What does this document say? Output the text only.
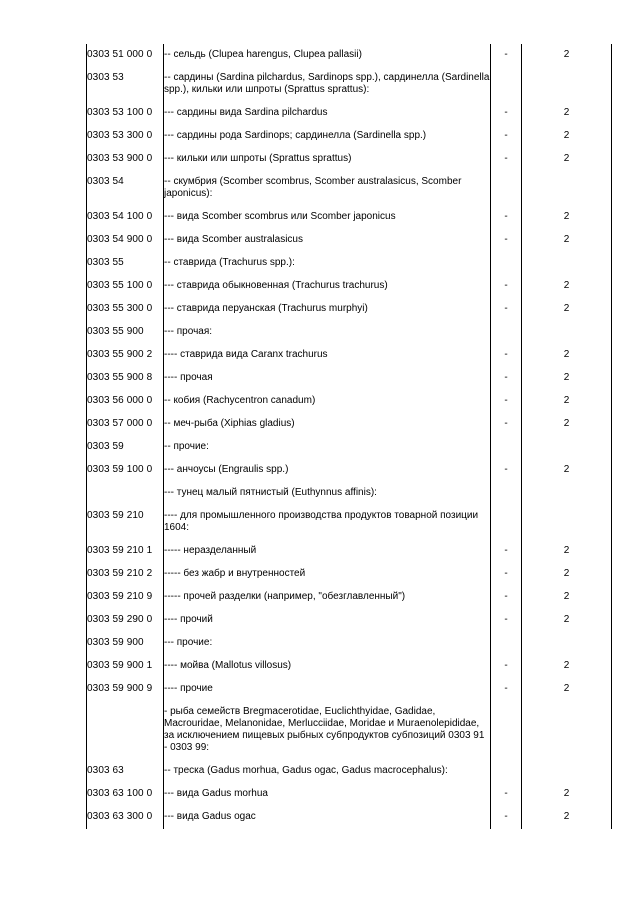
0303 51 000 0	-- сельдь (Clupea harengus, Clupea pallasii)	-	2
0303 53	-- сардины (Sardina pilchardus, Sardinops spp.), сардинелла (Sardinella spp.), кильки или шпроты (Sprattus sprattus):		
0303 53 100 0	--- сардины вида Sardina pilchardus	-	2
0303 53 300 0	--- сардины рода Sardinops; сардинелла (Sardinella spp.)	-	2
0303 53 900 0	--- кильки или шпроты (Sprattus sprattus)	-	2
0303 54	-- скумбрия (Scomber scombrus, Scomber australasicus, Scomber japonicus):		
0303 54 100 0	--- вида Scomber scombrus или Scomber japonicus	-	2
0303 54 900 0	--- вида Scomber australasicus	-	2
0303 55	-- ставрида (Trachurus spp.):		
0303 55 100 0	--- ставрида обыкновенная (Trachurus trachurus)	-	2
0303 55 300 0	--- ставрида перуанская (Trachurus murphyi)	-	2
0303 55 900	--- прочая:		
0303 55 900 2	---- ставрида вида Caranx trachurus	-	2
0303 55 900 8	---- прочая	-	2
0303 56 000 0	-- кобия (Rachycentron canadum)	-	2
0303 57 000 0	-- меч-рыба (Xiphias gladius)	-	2
0303 59	-- прочие:		
0303 59 100 0	--- анчоусы (Engraulis spp.)	-	2
	--- тунец малый пятнистый (Euthynnus affinis):		
0303 59 210	---- для промышленного производства продуктов товарной позиции 1604:		
0303 59 210 1	----- неразделанный	-	2
0303 59 210 2	----- без жабр и внутренностей	-	2
0303 59 210 9	----- прочей разделки (например, "обезглавленный")	-	2
0303 59 290 0	---- прочий	-	2
0303 59 900	--- прочие:		
0303 59 900 1	---- мойва (Mallotus villosus)	-	2
0303 59 900 9	---- прочие	-	2
	- рыба семейств Bregmacerotidae, Euclichthyidae, Gadidae, Macrouridae, Melanonidae, Merlucciidae, Moridae и Muraenolepididae, за исключением пищевых рыбных субпродуктов субпозиций 0303 91 - 0303 99:		
0303 63	-- треска (Gadus morhua, Gadus ogac, Gadus macrocephalus):		
0303 63 100 0	--- вида Gadus morhua	-	2
0303 63 300 0	--- вида Gadus ogac	-	2
